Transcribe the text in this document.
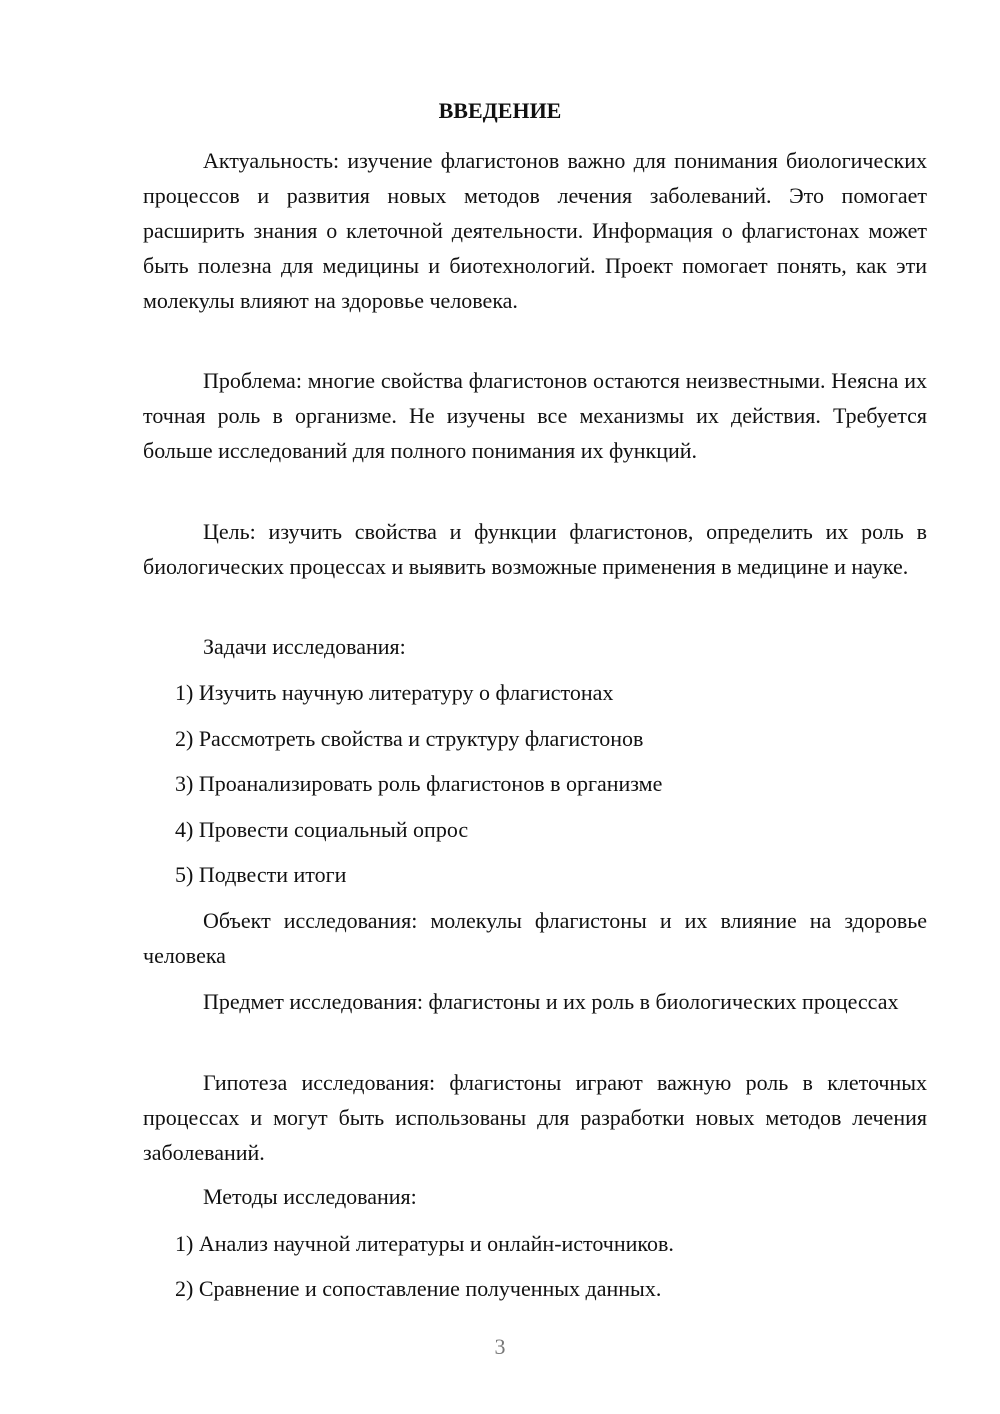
ВВЕДЕНИЕ

Актуальность: изучение флагистонов важно для понимания биологических процессов и развития новых методов лечения заболеваний. Это помогает расширить знания о клеточной деятельности. Информация о флагистонах может быть полезна для медицины и биотехнологий. Проект помогает понять, как эти молекулы влияют на здоровье человека.

Проблема: многие свойства флагистонов остаются неизвестными. Неясна их точная роль в организме. Не изучены все механизмы их действия. Требуется больше исследований для полного понимания их функций.

Цель: изучить свойства и функции флагистонов, определить их роль в биологических процессах и выявить возможные применения в медицине и науке.

Задачи исследования:

1) Изучить научную литературу о флагистонах

2) Рассмотреть свойства и структуру флагистонов

3) Проанализировать роль флагистонов в организме

4) Провести социальный опрос

5) Подвести итоги

Объект исследования: молекулы флагистоны и их влияние на здоровье человека

Предмет исследования: флагистоны и их роль в биологических процессах

Гипотеза исследования: флагистоны играют важную роль в клеточных процессах и могут быть использованы для разработки новых методов лечения заболеваний.

Методы исследования:

1) Анализ научной литературы и онлайн-источников.

2) Сравнение и сопоставление полученных данных.

3
